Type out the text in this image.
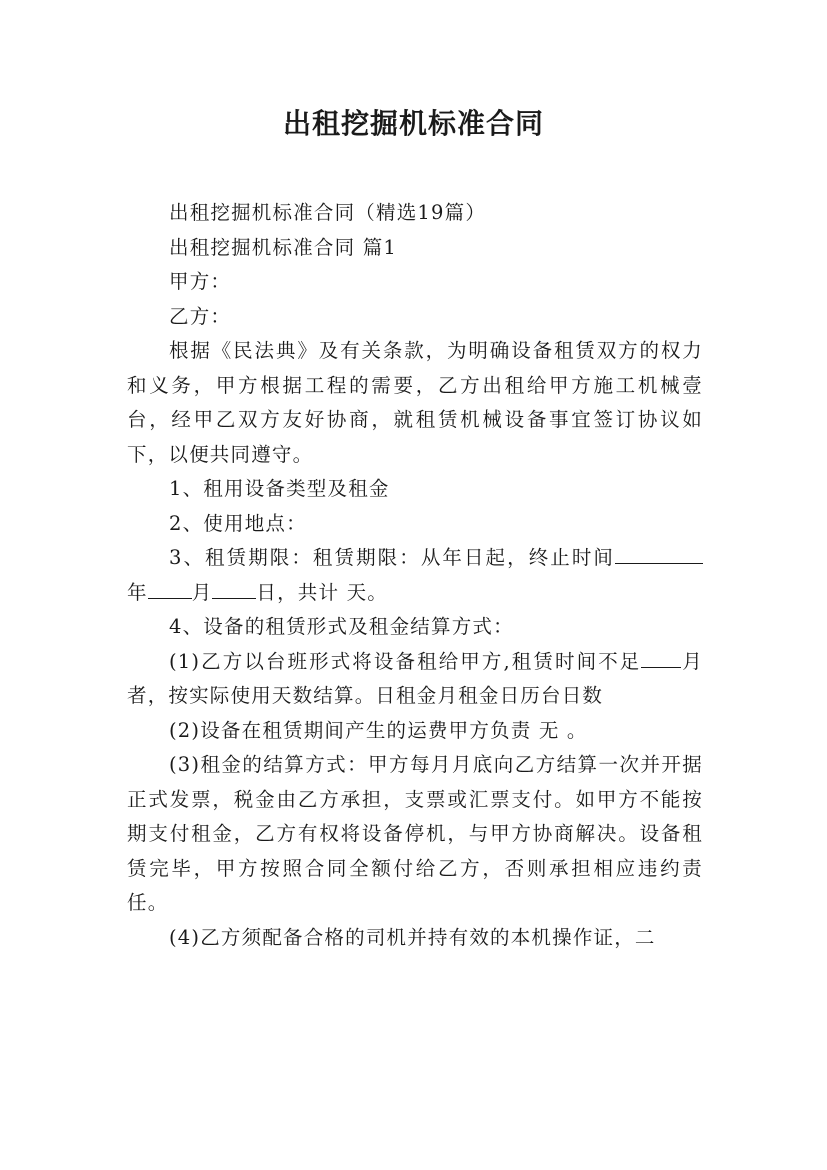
出租挖掘机标准合同

出租挖掘机标准合同（精选19篇）

出租挖掘机标准合同 篇1

甲方：

乙方：

根据《民法典》及有关条款，为明确设备租赁双方的权力和义务，甲方根据工程的需要，乙方出租给甲方施工机械壹台，经甲乙双方友好协商，就租赁机械设备事宜签订协议如下，以便共同遵守。

1、租用设备类型及租金

2、使用地点：

3、租赁期限：租赁期限：从年日起，终止时间年 月 日，共计 天。

4、设备的租赁形式及租金结算方式：

(1)乙方以台班形式将设备租给甲方,租赁时间不足 月者，按实际使用天数结算。日租金月租金日历台日数

(2)设备在租赁期间产生的运费甲方负责 无 。

(3)租金的结算方式：甲方每月月底向乙方结算一次并开据正式发票，税金由乙方承担，支票或汇票支付。如甲方不能按期支付租金，乙方有权将设备停机，与甲方协商解决。设备租赁完毕，甲方按照合同全额付给乙方，否则承担相应违约责任。

(4)乙方须配备合格的司机并持有效的本机操作证，二
